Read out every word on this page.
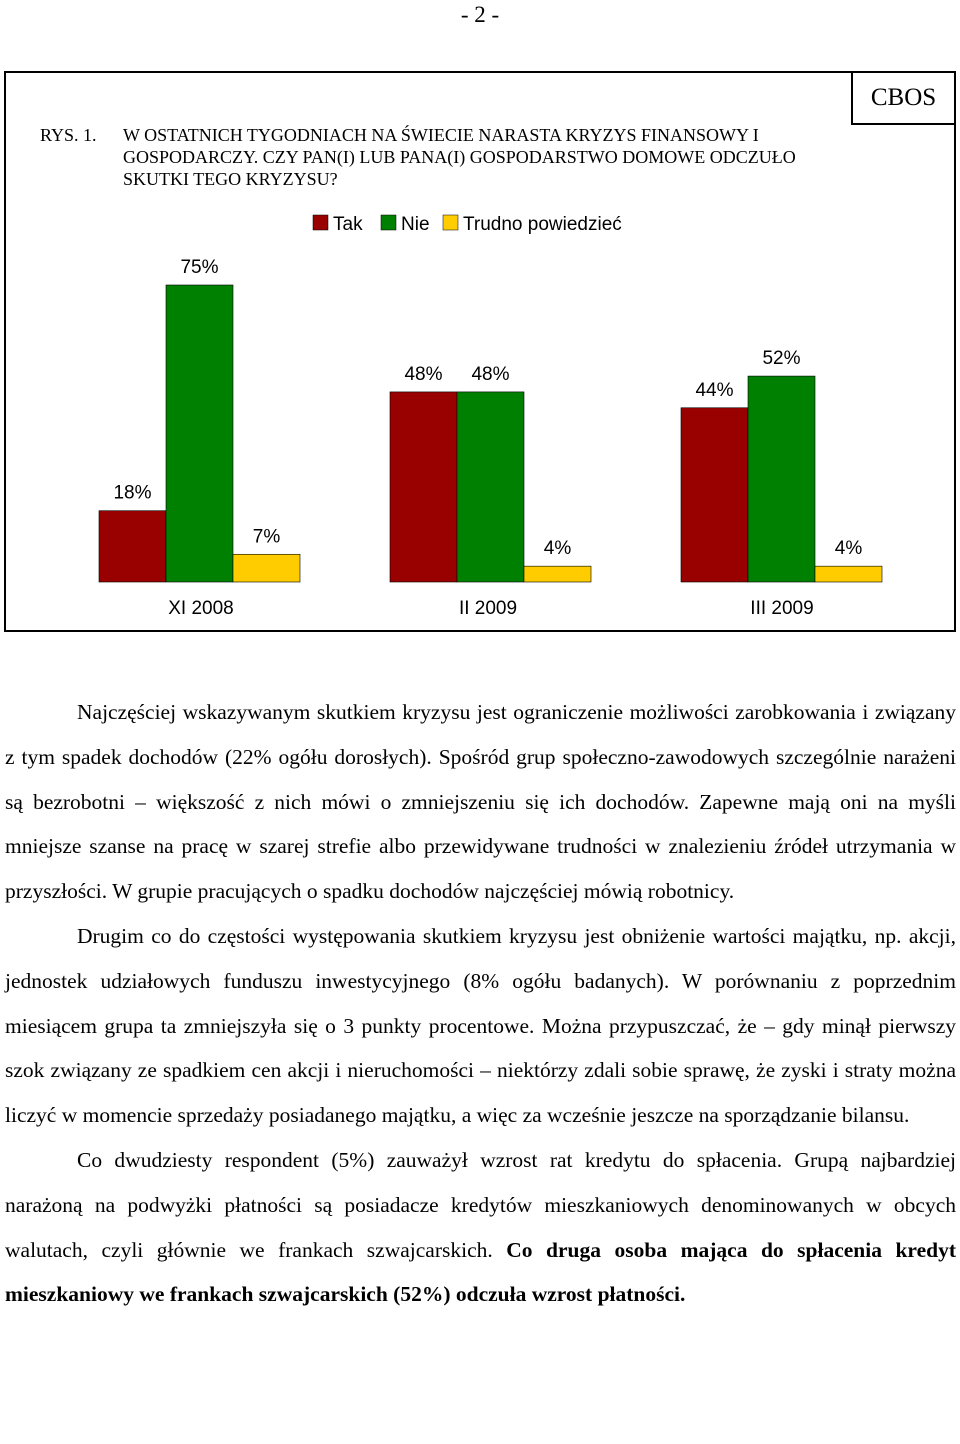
- 2 -
CBOS
RYS. 1. W OSTATNICH TYGODNIACH NA ŚWIECIE NARASTA KRYZYS FINANSOWY I GOSPODARCZY. CZY PAN(I) LUB PANA(I) GOSPODARSTWO DOMOWE ODCZUŁO SKUTKI TEGO KRYZYSU?
Tak Nie Trudno powiedzieć
18%
48%
44%
75%
48%
52%
7%
4%	4%
XI 2008	II 2009	III 2009

Najczęściej wskazywanym skutkiem kryzysu jest ograniczenie możliwości zarobkowania i związany z tym spadek dochodów (22% ogółu dorosłych). Spośród grup społeczno-zawodowych szczególnie narażeni są bezrobotni – większość z nich mówi o zmniejszeniu się ich dochodów. Zapewne mają oni na myśli mniejsze szanse na pracę w szarej strefie albo przewidywane trudności w znalezieniu źródeł utrzymania w przyszłości. W grupie pracujących o spadku dochodów najczęściej mówią robotnicy.

Drugim co do częstości występowania skutkiem kryzysu jest obniżenie wartości majątku, np. akcji, jednostek udziałowych funduszu inwestycyjnego (8% ogółu badanych). W porównaniu z poprzednim miesiącem grupa ta zmniejszyła się o 3 punkty procentowe. Można przypuszczać, że – gdy minął pierwszy szok związany ze spadkiem cen akcji i nieruchomości – niektórzy zdali sobie sprawę, że zyski i straty można liczyć w momencie sprzedaży posiadanego majątku, a więc za wcześnie jeszcze na sporządzanie bilansu.

Co dwudziesty respondent (5%) zauważył wzrost rat kredytu do spłacenia. Grupą najbardziej narażoną na podwyżki płatności są posiadacze kredytów mieszkaniowych denominowanych w obcych walutach, czyli głównie we frankach szwajcarskich. Co druga osoba mająca do spłacenia kredyt mieszkaniowy we frankach szwajcarskich (52%) odczuła wzrost płatności.
